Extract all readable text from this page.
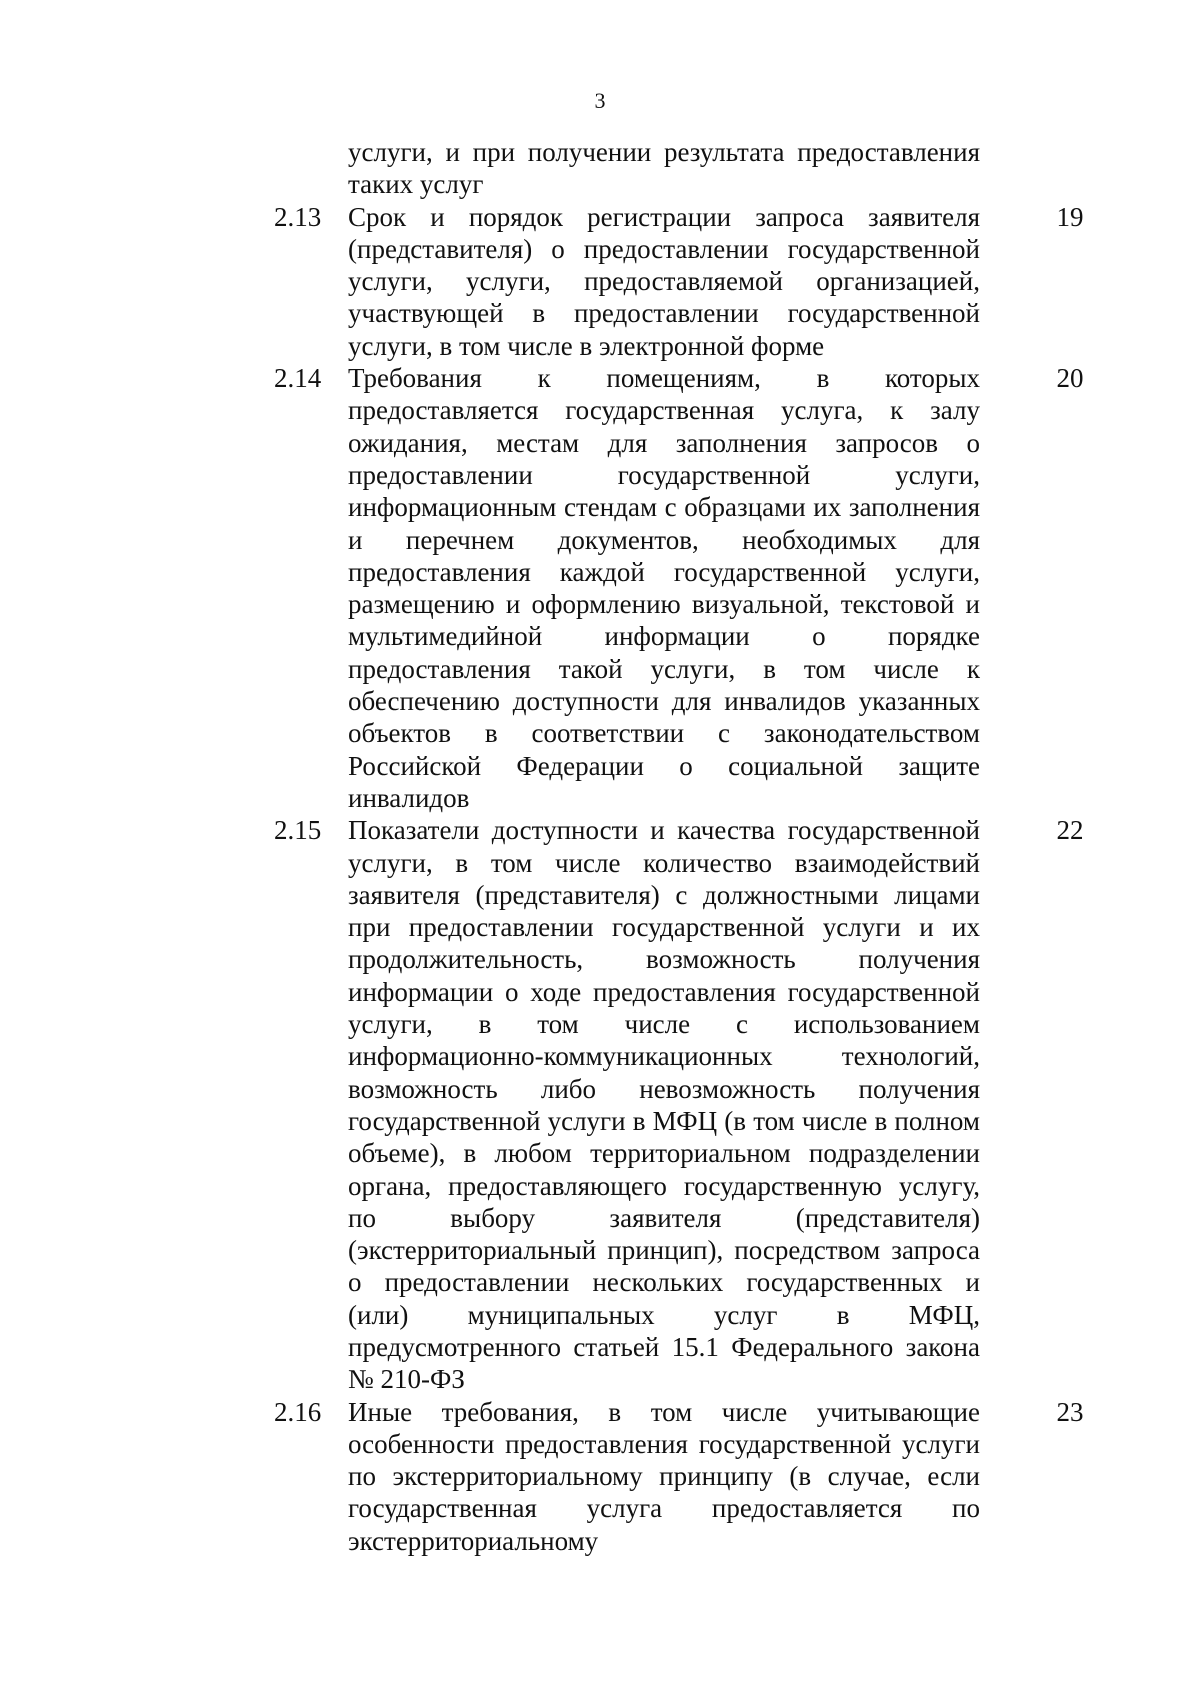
3
услуги, и при получении результата предоставления таких услуг
2.13 Срок и порядок регистрации запроса заявителя (представителя) о предоставлении государственной услуги, услуги, предоставляемой организацией, участвующей в предоставлении государственной услуги, в том числе в электронной форме
19
2.14 Требования к помещениям, в которых предоставляется государственная услуга, к залу ожидания, местам для заполнения запросов о предоставлении государственной услуги, информационным стендам с образцами их заполнения и перечнем документов, необходимых для предоставления каждой государственной услуги, размещению и оформлению визуальной, текстовой и мультимедийной информации о порядке предоставления такой услуги, в том числе к обеспечению доступности для инвалидов указанных объектов в соответствии с законодательством Российской Федерации о социальной защите инвалидов
20
2.15 Показатели доступности и качества государственной услуги, в том числе количество взаимодействий заявителя (представителя) с должностными лицами при предоставлении государственной услуги и их продолжительность, возможность получения информации о ходе предоставления государственной услуги, в том числе с использованием информационно-коммуникационных технологий, возможность либо невозможность получения государственной услуги в МФЦ (в том числе в полном объеме), в любом территориальном подразделении органа, предоставляющего государственную услугу, по выбору заявителя (представителя) (экстерриториальный принцип), посредством запроса о предоставлении нескольких государственных и (или) муниципальных услуг в МФЦ, предусмотренного статьей 15.1 Федерального закона № 210-ФЗ
22
2.16 Иные требования, в том числе учитывающие особенности предоставления государственной услуги по экстерриториальному принципу (в случае, если государственная услуга предоставляется по экстерриториальному
23
